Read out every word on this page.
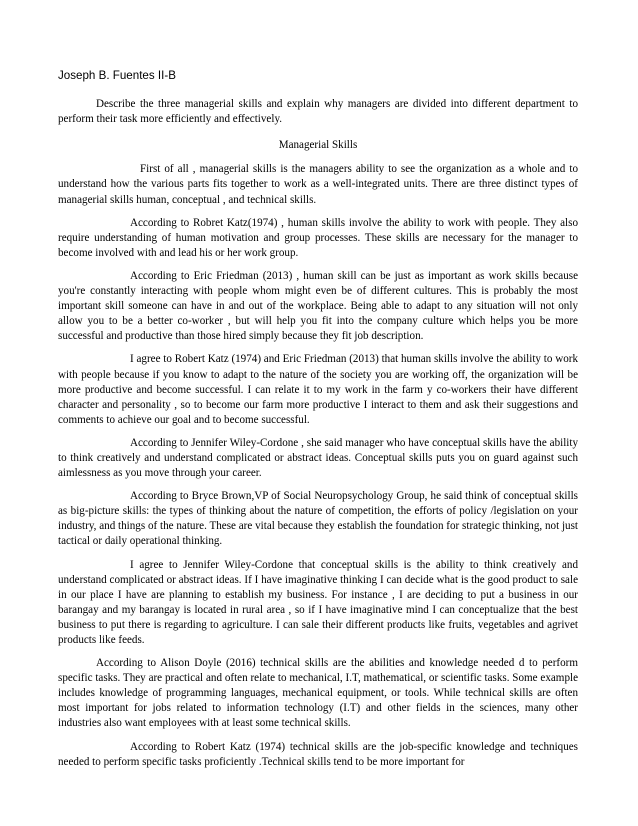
Joseph B. Fuentes II-B

Describe the three managerial skills and explain why managers are divided into different department to perform their task more efficiently and effectively.

Managerial Skills

First of all , managerial skills is the managers ability to see the organization as a whole and to understand how the various parts fits together to work as a well-integrated units. There are three distinct types of managerial skills human, conceptual , and technical skills.

According to Robret Katz(1974) , human skills involve the ability to work with people. They also require understanding of human motivation and group processes. These skills are necessary for the manager to become involved with and lead his or her work group.

According to Eric Friedman (2013) , human skill can be just as important as work skills because you're constantly interacting with people whom might even be of different cultures. This is probably the most important skill someone can have in and out of the workplace. Being able to adapt to any situation will not only allow you to be a better co-worker , but will help you fit into the company culture which helps you be more successful and productive than those hired simply because they fit job description.

I agree to Robert Katz (1974) and Eric Friedman (2013) that human skills involve the ability to work with people because if you know to adapt to the nature of the society you are working off, the organization will be more productive and become successful. I can relate it to my work in the farm y co-workers their have different character and personality , so to become our farm more productive I interact to them and ask their suggestions and comments to achieve our goal and to become successful.

According to Jennifer Wiley-Cordone , she said manager who have conceptual skills have the ability to think creatively and understand complicated or abstract ideas. Conceptual skills puts you on guard against such aimlessness as you move through your career.

According to Bryce Brown,VP of Social Neuropsychology Group, he said think of conceptual skills as big-picture skills: the types of thinking about the nature of competition, the efforts of policy /legislation on your industry, and things of the nature. These are vital because they establish the foundation for strategic thinking, not just tactical or daily operational thinking.

I agree to Jennifer Wiley-Cordone that conceptual skills is the ability to think creatively and understand complicated or abstract ideas. If I have imaginative thinking I can decide what is the good product to sale in our place I have are planning to establish my business. For instance , I are deciding to put a business in our barangay and my barangay is located in rural area , so if I have imaginative mind I can conceptualize that the best business to put there is regarding to agriculture. I can sale their different products like fruits, vegetables and agrivet products like feeds.

According to Alison Doyle (2016) technical skills are the abilities and knowledge needed d to perform specific tasks. They are practical and often relate to mechanical, I.T, mathematical, or scientific tasks. Some example includes knowledge of programming languages, mechanical equipment, or tools. While technical skills are often most important for jobs related to information technology (I.T) and other fields in the sciences, many other industries also want employees with at least some technical skills.

According to Robert Katz (1974) technical skills are the job-specific knowledge and techniques needed to perform specific tasks proficiently .Technical skills tend to be more important for
